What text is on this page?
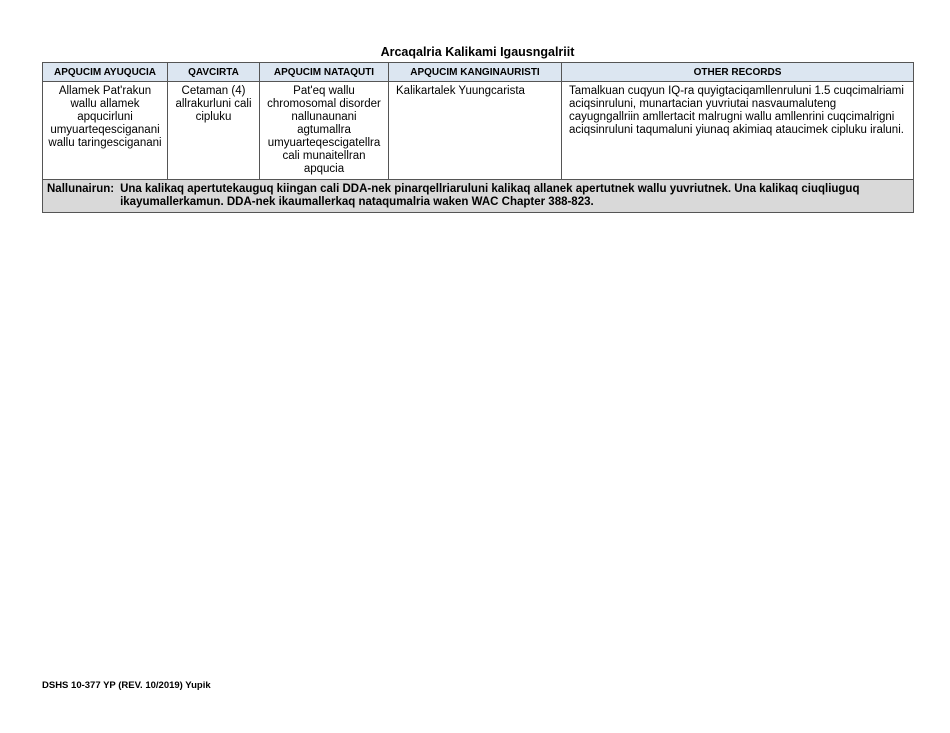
Arcaqalria Kalikami Igausngalriit
APQUCIM AYUQUCIA	QAVCIRTA	APQUCIM NATAQUTI	APQUCIM KANGINAURISTI	OTHER RECORDS
Allamek Pat'rakun wallu allamek apqucirluni umyuarteqesciganani wallu taringesciganani	Cetaman (4) allrakurluni cali cipluku	Pat'eq wallu chromosomal disorder nallunaunani agtumallra umyuarteqescigatellra cali munaitellran apqucia	Kalikartalek Yuungcarista	Tamalkuan cuqyun IQ-ra quyigtaciqamllenruluni 1.5 cuqcimalriami aciqsinruluni, munartacian yuvriutai nasvaumaluteng cayugngallriin amllertacit malrugni wallu amllenrini cuqcimalrigni aciqsinruluni taqumaluni yiunaq akimiaq ataucimek cipluku iraluni.

Nallunairun: Una kalikaq apertutekauguq kiingan cali DDA-nek pinarqellriaruluni kalikaq allanek apertutnek wallu yuvriutnek. Una kalikaq ciuqliuguq ikayumallerkamun. DDA-nek ikaumallerkaq nataqumalria waken WAC Chapter 388-823.				
DSHS 10-377 YP (REV. 10/2019) Yupik
